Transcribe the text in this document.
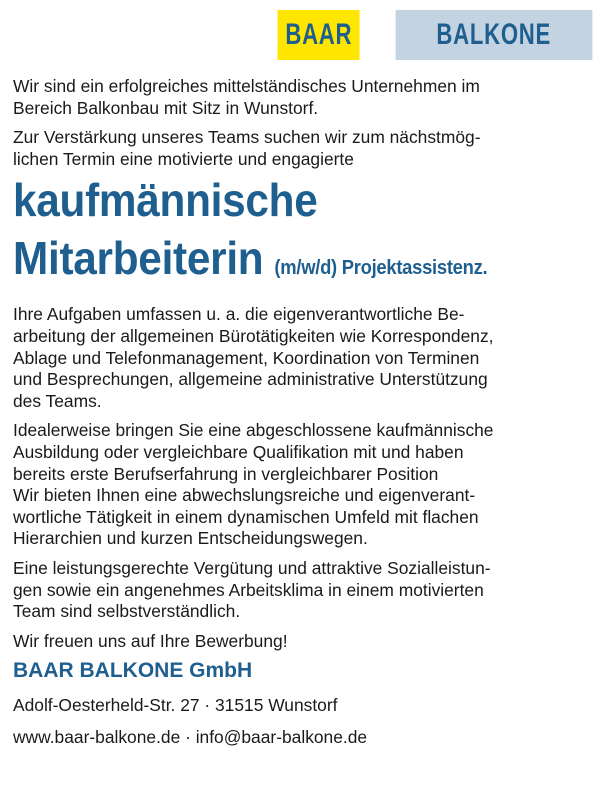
BAAR	BALKONE

Wir sind ein erfolgreiches mittelständisches Unternehmen im

Bereich Balkonbau mit Sitz in Wunstorf.

Zur Verstärkung unseres Teams suchen wir zum nächstmög-

lichen Termin eine motivierte und engagierte

kaufmännische
Mitarbeiterin (m/w/d) Projektassistenz.

Ihre Aufgaben umfassen u. a. die eigenverantwortliche Be-

arbeitung der allgemeinen Bürotätigkeiten wie Korrespondenz,

Ablage und Telefonmanagement, Koordination von Terminen

und Besprechungen, allgemeine administrative Unterstützung

des Teams.

Idealerweise bringen Sie eine abgeschlossene kaufmännische

Ausbildung oder vergleichbare Qualifikation mit und haben

bereits erste Berufserfahrung in vergleichbarer Position

Wir bieten Ihnen eine abwechslungsreiche und eigenverant-

wortliche Tätigkeit in einem dynamischen Umfeld mit flachen

Hierarchien und kurzen Entscheidungswegen.

Eine leistungsgerechte Vergütung und attraktive Sozialleistun-

gen sowie ein angenehmes Arbeitsklima in einem motivierten

Team sind selbstverständlich.

Wir freuen uns auf Ihre Bewerbung!

BAAR BALKONE GmbH

Adolf-Oesterheld-Str. 27 · 31515 Wunstorf

www.baar-balkone.de · info@baar-balkone.de
